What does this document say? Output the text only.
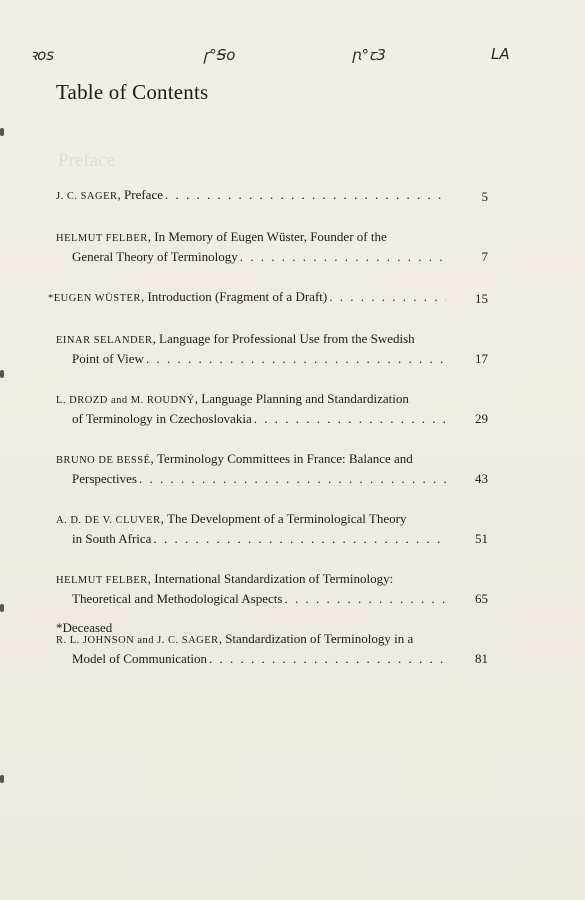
Preface
ꝛoꜱ	ꞅ°Ꞩo	ꞃ°ꞇ3	LA
Table of Contents
J. C. SAGER , Preface . . .	5
HELMUT FELBER , In Memory of Eugen Wüster, Founder of the
General Theory of Terminology . . .	7
*EUGEN WÜSTER , Introduction (Fragment of a Draft) . . .	15
EINAR SELANDER , Language for Professional Use from the Swedish
Point of View . . .	17
L. DROZD and M. ROUDNÝ , Language Planning and Standardization
of Terminology in Czechoslovakia . . .	29
BRUNO DE BESSÉ , Terminology Committees in France: Balance and
Perspectives . . .	43
A. D. DE V. CLUVER , The Development of a Terminological Theory
in South Africa . . .	51
HELMUT FELBER , International Standardization of Terminology:
Theoretical and Methodological Aspects . . .	65
R. L. JOHNSON and J. C. SAGER , Standardization of Terminology in a
Model of Communication . . .	81
*Deceased
